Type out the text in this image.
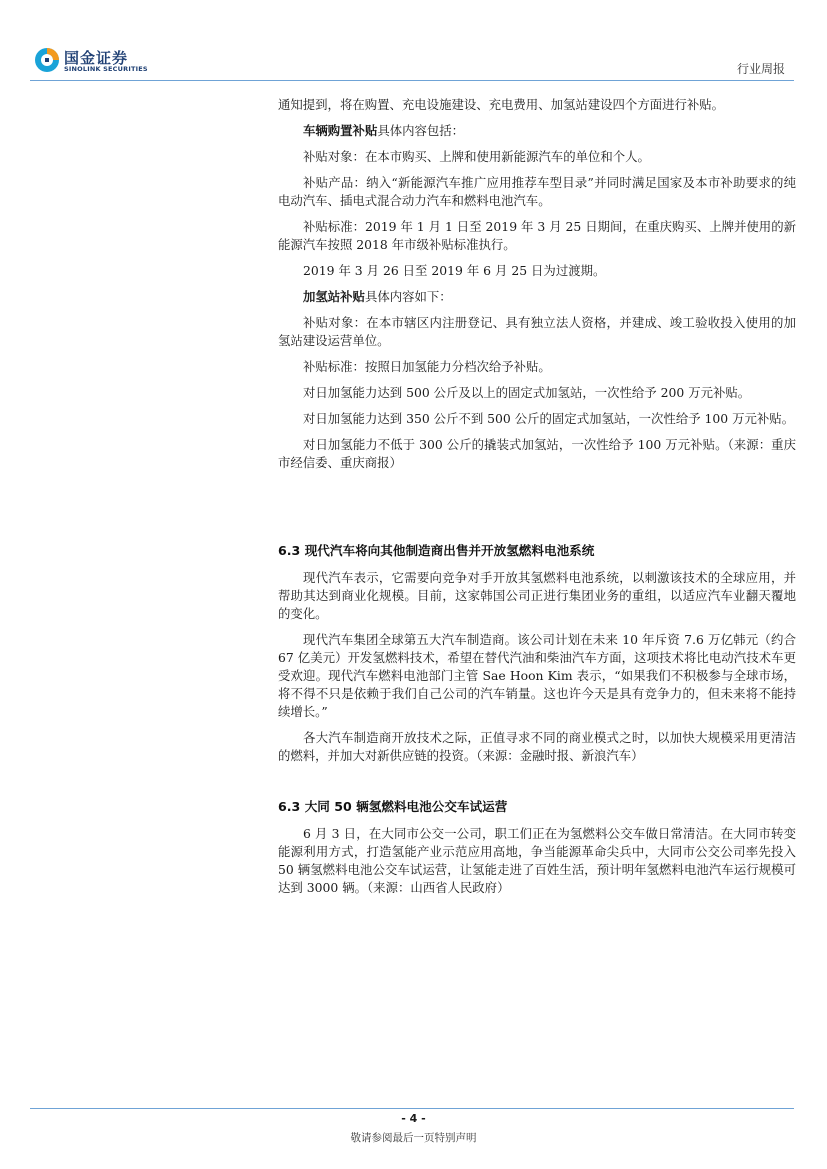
国金证券
SINOLINK SECURITIES	行业周报

通知提到，将在购置、充电设施建设、充电费用、加氢站建设四个方面进行补贴。

车辆购置补贴具体内容包括：

补贴对象：在本市购买、上牌和使用新能源汽车的单位和个人。

补贴产品：纳入“新能源汽车推广应用推荐车型目录”并同时满足国家及本市补助要求的纯电动汽车、插电式混合动力汽车和燃料电池汽车。

补贴标准：2019 年 1 月 1 日至 2019 年 3 月 25 日期间，在重庆购买、上牌并使用的新能源汽车按照 2018 年市级补贴标准执行。

2019 年 3 月 26 日至 2019 年 6 月 25 日为过渡期。

加氢站补贴具体内容如下：

补贴对象：在本市辖区内注册登记、具有独立法人资格，并建成、竣工验收投入使用的加氢站建设运营单位。

补贴标准：按照日加氢能力分档次给予补贴。

对日加氢能力达到 500 公斤及以上的固定式加氢站，一次性给予 200 万元补贴。

对日加氢能力达到 350 公斤不到 500 公斤的固定式加氢站，一次性给予 100 万元补贴。

对日加氢能力不低于 300 公斤的撬装式加氢站，一次性给予 100 万元补贴。（来源：重庆市经信委、重庆商报）

6.3 现代汽车将向其他制造商出售并开放氢燃料电池系统

现代汽车表示，它需要向竞争对手开放其氢燃料电池系统，以刺激该技术的全球应用，并帮助其达到商业化规模。目前，这家韩国公司正进行集团业务的重组，以适应汽车业翻天覆地的变化。

现代汽车集团全球第五大汽车制造商。该公司计划在未来 10 年斥资 7.6 万亿韩元（约合 67 亿美元）开发氢燃料技术，希望在替代汽油和柴油汽车方面，这项技术将比电动汽技术车更受欢迎。现代汽车燃料电池部门主管 Sae Hoon Kim 表示，“如果我们不积极参与全球市场，将不得不只是依赖于我们自己公司的汽车销量。这也许今天是具有竞争力的，但未来将不能持续增长。”

各大汽车制造商开放技术之际，正值寻求不同的商业模式之时，以加快大规模采用更清洁的燃料，并加大对新供应链的投资。（来源：金融时报、新浪汽车）

6.3 大同 50 辆氢燃料电池公交车试运营

6 月 3 日，在大同市公交一公司，职工们正在为氢燃料公交车做日常清洁。在大同市转变能源利用方式，打造氢能产业示范应用高地，争当能源革命尖兵中，大同市公交公司率先投入 50 辆氢燃料电池公交车试运营，让氢能走进了百姓生活，预计明年氢燃料电池汽车运行规模可达到 3000 辆。（来源：山西省人民政府）

- 4 -
敬请参阅最后一页特别声明
